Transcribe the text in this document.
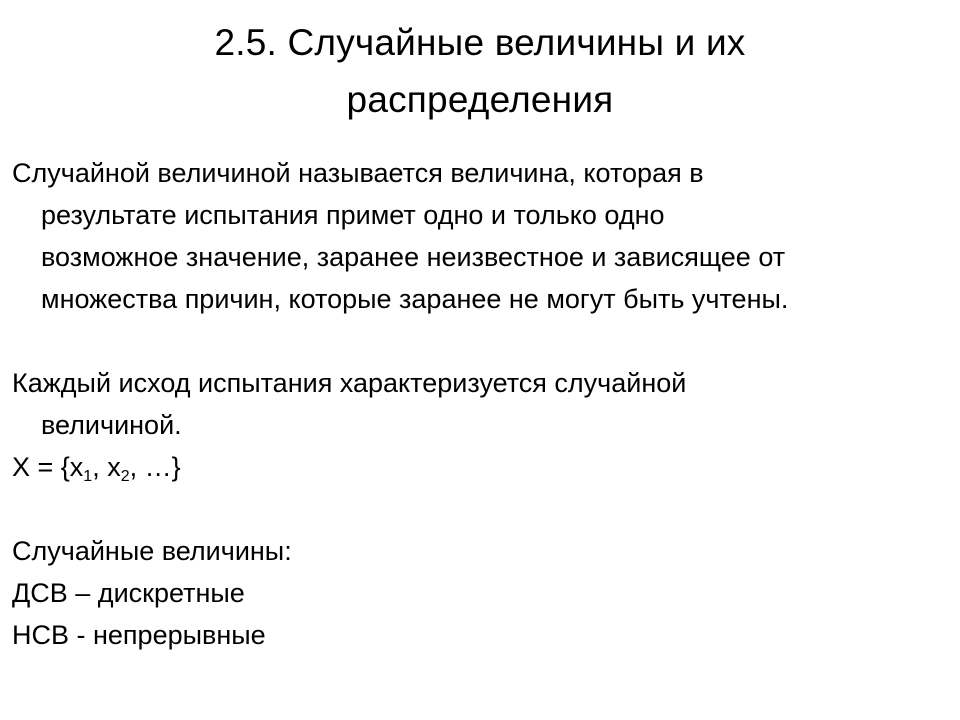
2.5. Случайные величины и их
распределения

Случайной величиной называется величина, которая в
результате испытания примет одно и только одно
возможное значение, заранее неизвестное и зависящее от
множества причин, которые заранее не могут быть учтены.

Каждый исход испытания характеризуется случайной
величиной.

$X = \{x_1$, $x_2$, …}

Случайные величины:

ДСВ – дискретные

НСВ - непрерывные
